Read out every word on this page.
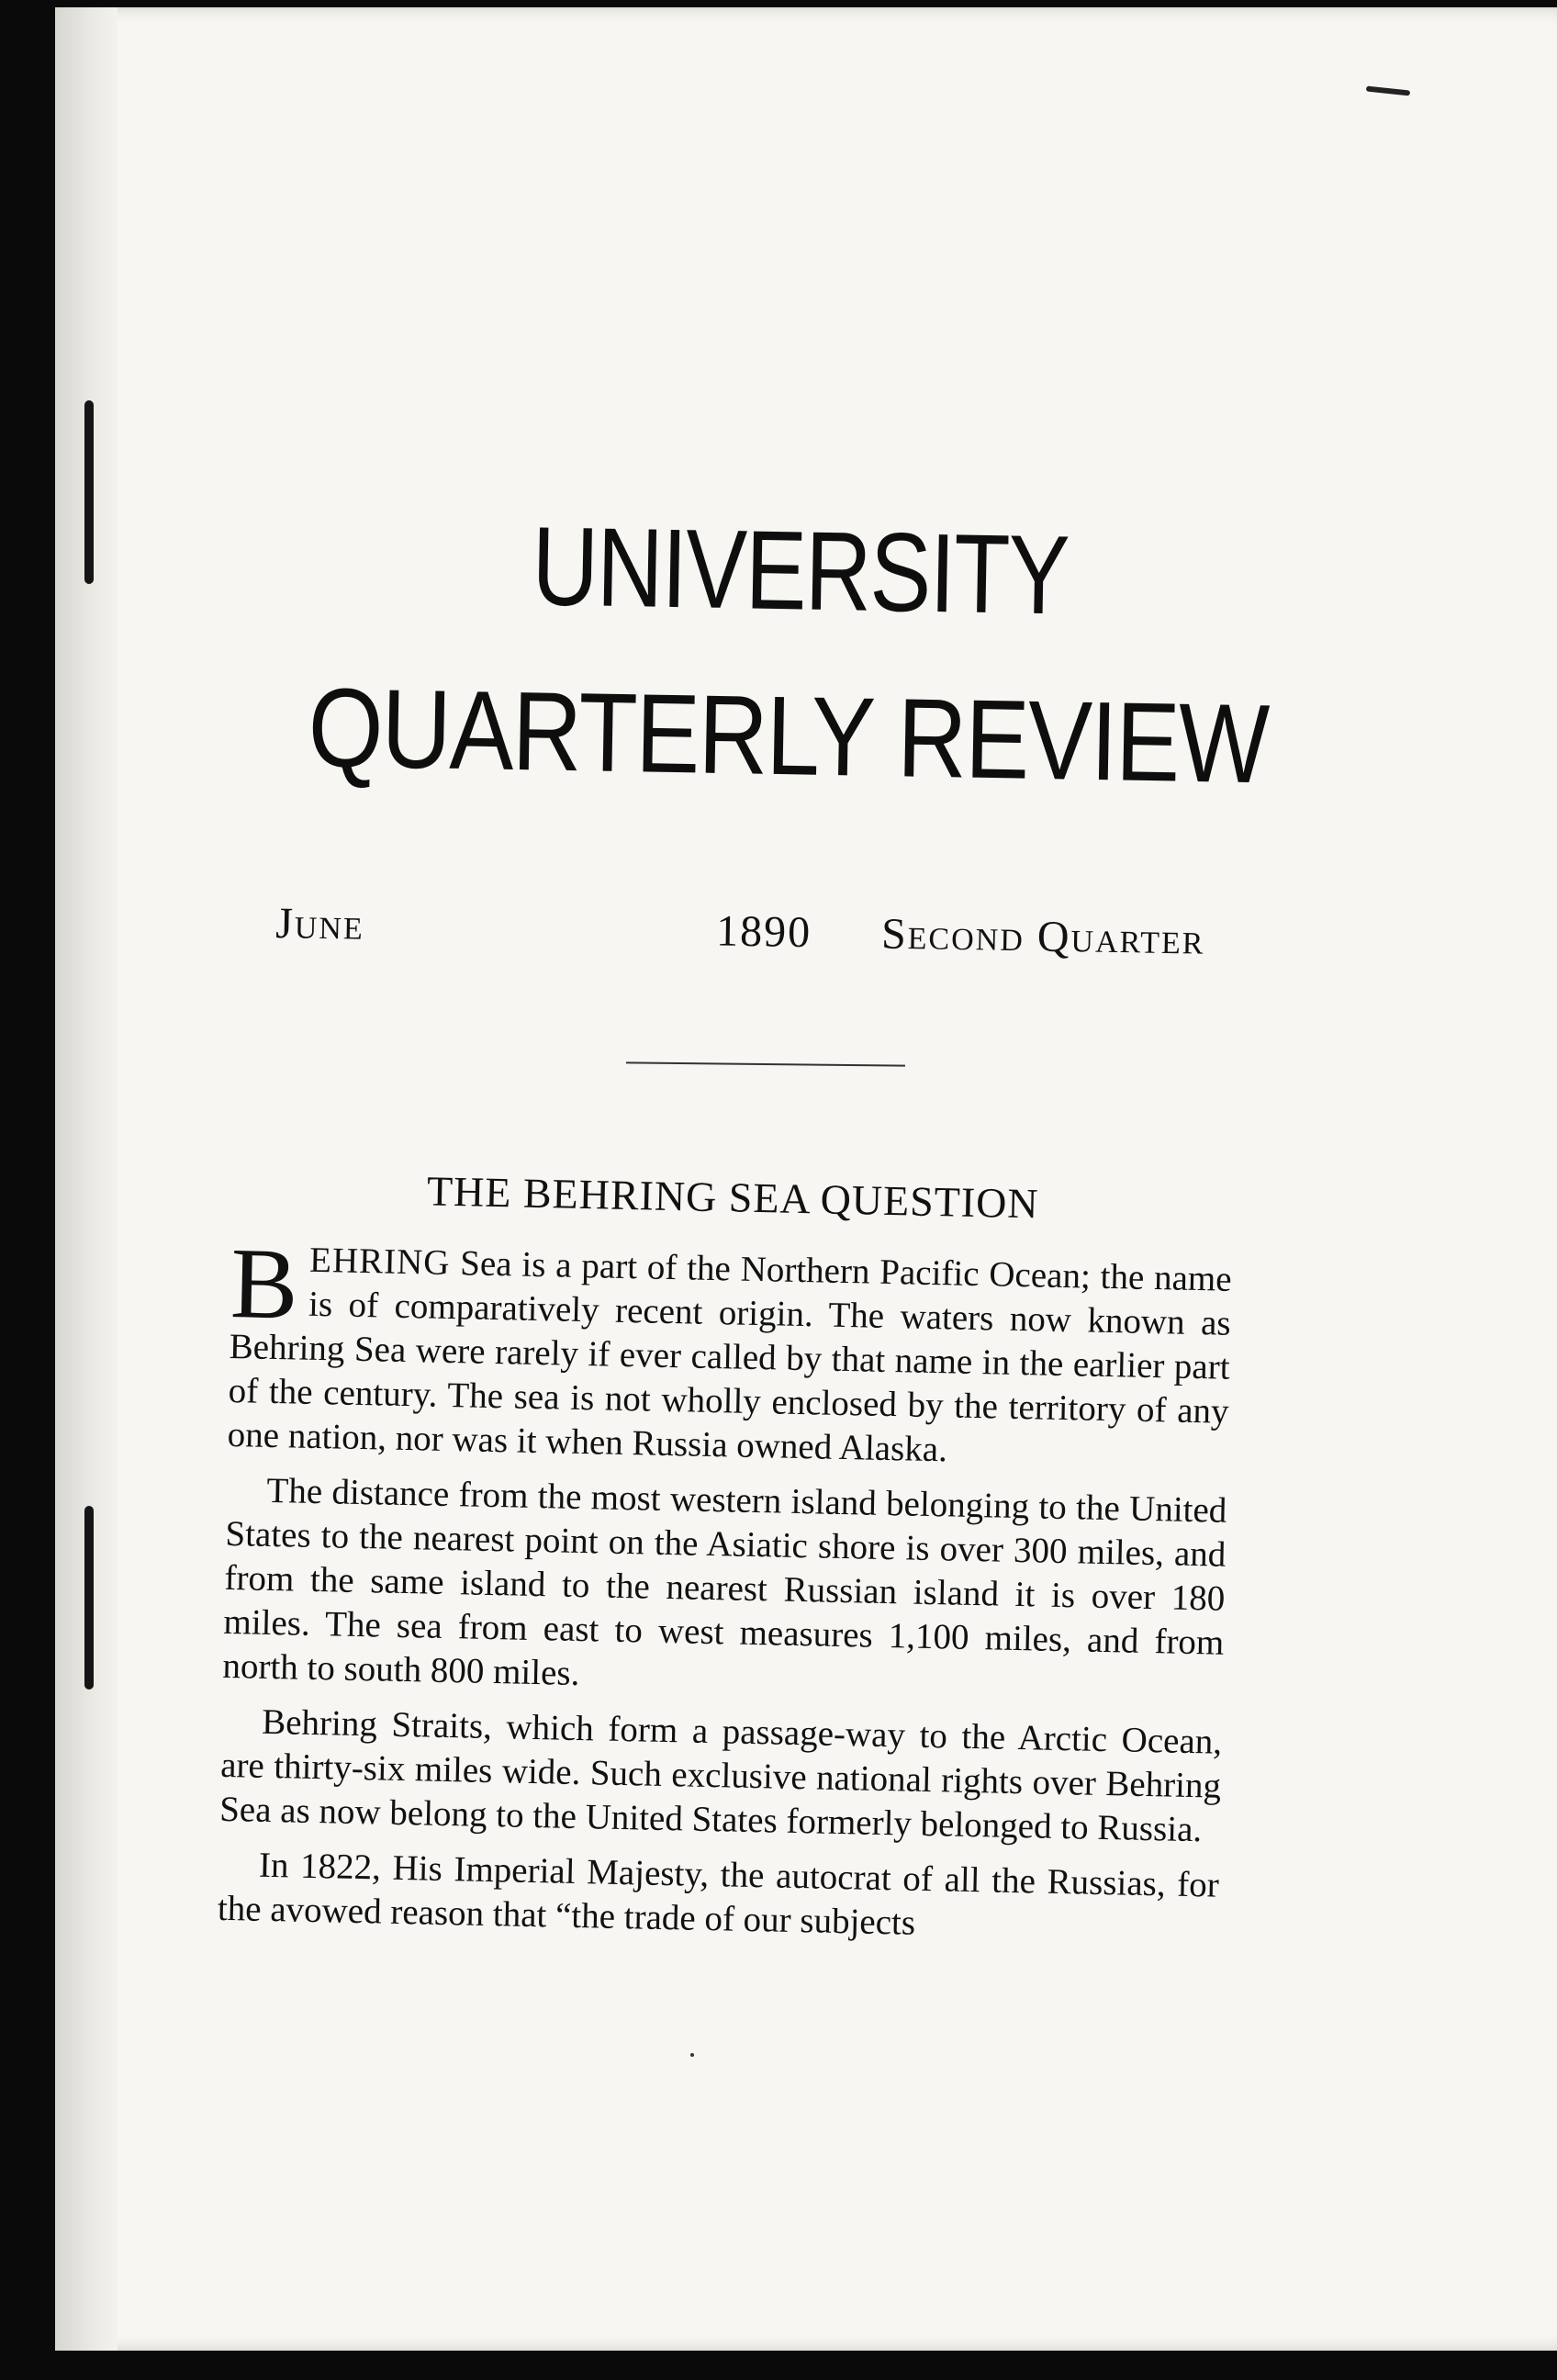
UNIVERSITY
QUARTERLY REVIEW
June	1890 Second Quarter
THE BEHRING SEA QUESTION

BEHRING Sea is a part of the Northern Pacific Ocean; the name is of comparatively recent origin. The waters now known as Behring Sea were rarely if ever called by that name in the earlier part of the century. The sea is not wholly enclosed by the territory of any one nation, nor was it when Russia owned Alaska.

The distance from the most western island belonging to the United States to the nearest point on the Asiatic shore is over 300 miles, and from the same island to the nearest Russian island it is over 180 miles. The sea from east to west measures 1,100 miles, and from north to south 800 miles.

Behring Straits, which form a passage-way to the Arctic Ocean, are thirty-six miles wide. Such exclusive national rights over Behring Sea as now belong to the United States formerly belonged to Russia.

In 1822, His Imperial Majesty, the autocrat of all the Russias, for the avowed reason that “the trade of our subjects
